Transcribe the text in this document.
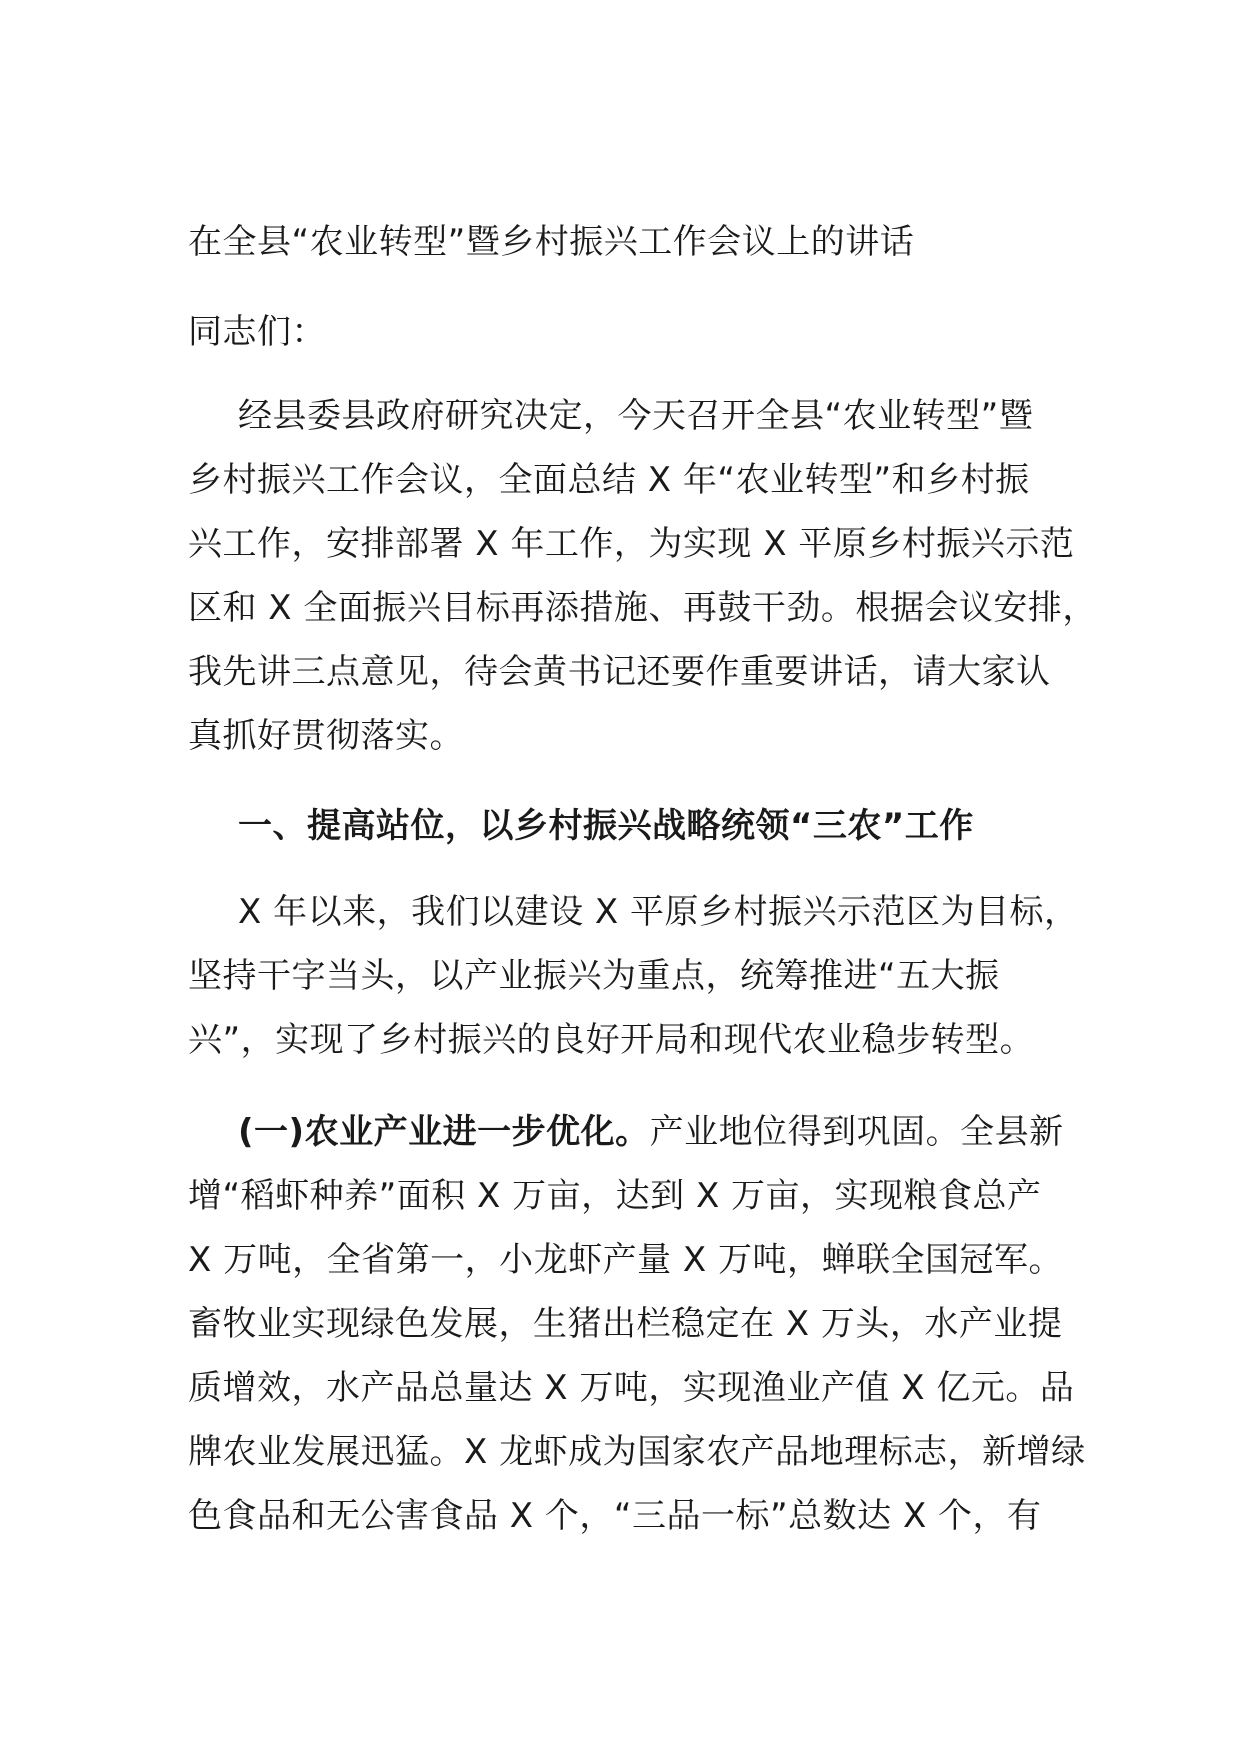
在全县“农业转型”暨乡村振兴工作会议上的讲话
同志们：
经县委县政府研究决定，今天召开全县“农业转型”暨
乡村振兴工作会议，全面总结 X 年“农业转型”和乡村振
兴工作，安排部署 X 年工作，为实现 X 平原乡村振兴示范
区和 X 全面振兴目标再添措施、再鼓干劲。根据会议安排，
我先讲三点意见，待会黄书记还要作重要讲话，请大家认
真抓好贯彻落实。
一、提高站位，以乡村振兴战略统领“三农”工作
X 年以来，我们以建设 X 平原乡村振兴示范区为目标，
坚持干字当头，以产业振兴为重点，统筹推进“五大振
兴”，实现了乡村振兴的良好开局和现代农业稳步转型。
(一)农业产业进一步优化。产业地位得到巩固。全县新
增“稻虾种养”面积 X 万亩，达到 X 万亩，实现粮食总产
X 万吨，全省第一，小龙虾产量 X 万吨，蝉联全国冠军。
畜牧业实现绿色发展，生猪出栏稳定在 X 万头，水产业提
质增效，水产品总量达 X 万吨，实现渔业产值 X 亿元。品
牌农业发展迅猛。X 龙虾成为国家农产品地理标志，新增绿
色食品和无公害食品 X 个，“三品一标”总数达 X 个，有
